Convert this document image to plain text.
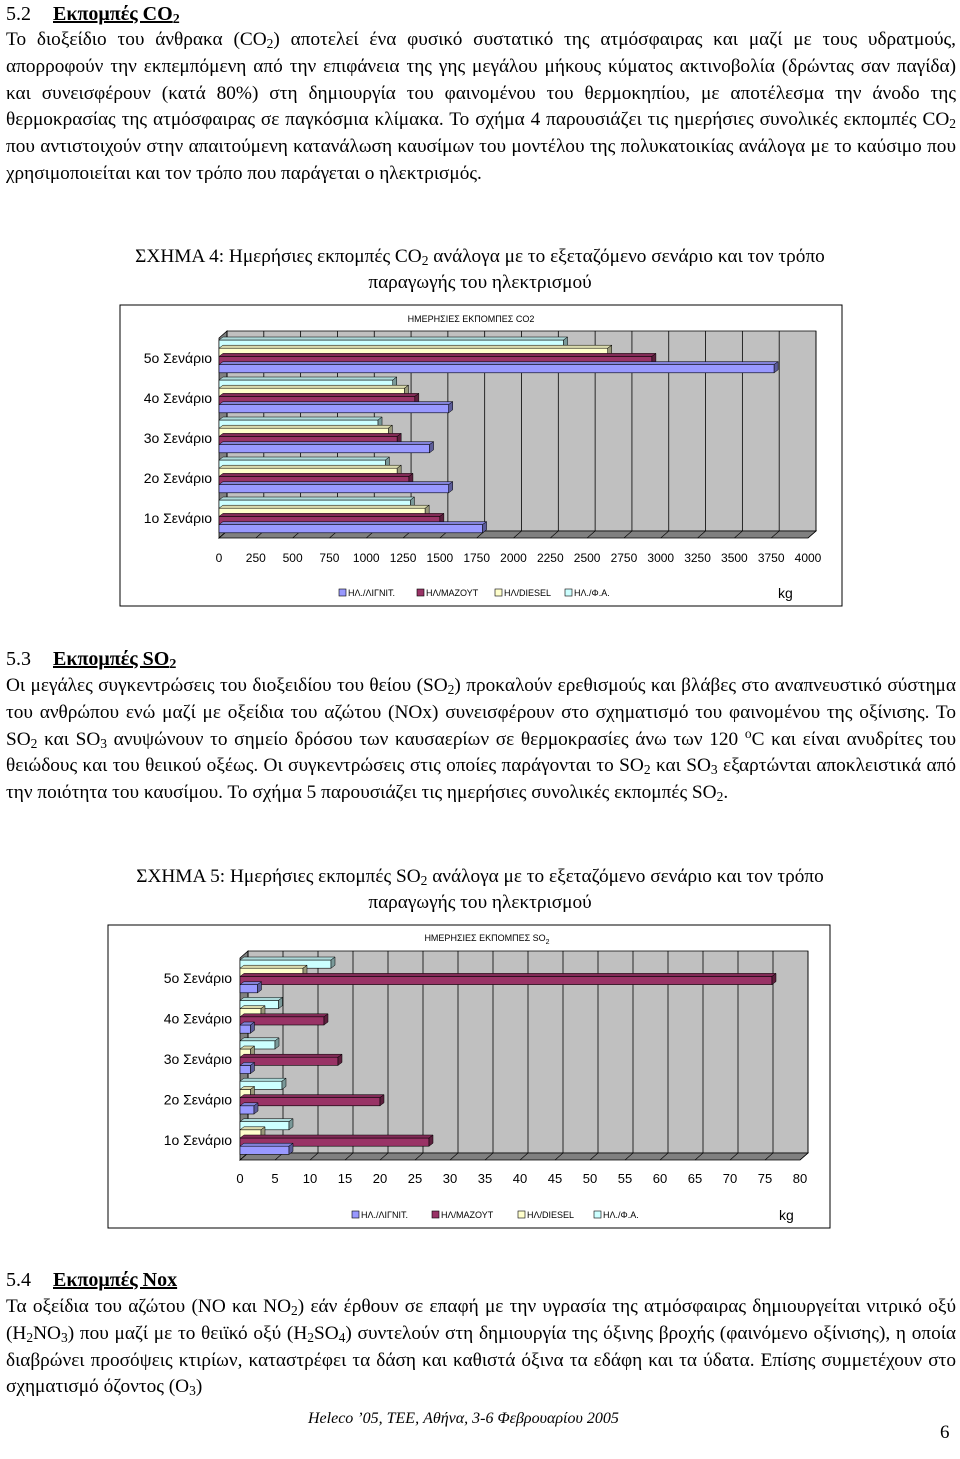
5.2 Εκπομπές $CO_2$
Το διοξείδιο του άνθρακα $(CO_2)$ αποτελεί ένα φυσικό συστατικό της ατμόσφαιρας και μαζί με τους υδρατμούς, απορροφούν την εκπεμπόμενη από την επιφάνεια της γης μεγάλου μήκους κύματος ακτινοβολία (δρώντας σαν παγίδα) και συνεισφέρουν (κατά 80%) στη δημιουργία του φαινομένου του θερμοκηπίου, με αποτέλεσμα την άνοδο της θερμοκρασίας της ατμόσφαιρας σε παγκόσμια κλίμακα. Το σχήμα 4 παρουσιάζει τις ημερήσιες συνολικές εκπομπές $CO_2$ που αντιστοιχούν στην απαιτούμενη κατανάλωση καυσίμων του μοντέλου της πολυκατοικίας ανάλογα με το καύσιμο που χρησιμοποιείται και τον τρόπο που παράγεται ο ηλεκτρισμός.
ΣΧΗΜΑ 4: Ημερήσιες εκπομπές $CO_2$ ανάλογα με το εξεταζόμενο σενάριο και τον τρόπο
παραγωγής του ηλεκτρισμού
ΗΜΕΡΗΣΙΕΣ ΕΚΠΟΜΠΕΣ CO2
0 250 500 750 1000 1250 1500 1750 2000 2250 2500 2750 3000 3250 3500 3750 4000
1ο Σενάριο
2ο Σενάριο
3ο Σενάριο
4ο Σενάριο
5ο Σενάριο
ΗΛ./ΛΙΓΝΙΤ.	ΗΛ/ΜΑΖΟΥΤ	ΗΛ/DIESEL	ΗΛ./Φ.Α.	kg
5.3 Εκπομπές $SO_2$
Οι μεγάλες συγκεντρώσεις του διοξειδίου του θείου $(SO_2)$ προκαλούν ερεθισμούς και βλάβες στο αναπνευστικό σύστημα του ανθρώπου ενώ μαζί με οξείδια του αζώτου (NOx) συνεισφέρουν στο σχηματισμό του φαινομένου της οξίνισης. Το $SO_2$ και $SO_3$ ανυψώνουν το σημείο δρόσου των καυσαερίων σε θερμοκρασίες άνω των 120 $^o$C και είναι ανυδρίτες του θειώδους και του θειικού οξέως. Οι συγκεντρώσεις στις οποίες παράγονται το $SO_2$ και $SO_3$ εξαρτώνται αποκλειστικά από την ποιότητα του καυσίμου. Το σχήμα 5 παρουσιάζει τις ημερήσιες συνολικές εκπομπές $SO_2$.
ΣΧΗΜΑ 5: Ημερήσιες εκπομπές $SO_2$ ανάλογα με το εξεταζόμενο σενάριο και τον τρόπο
παραγωγής του ηλεκτρισμού
ΗΜΕΡΗΣΙΕΣ ΕΚΠΟΜΠΕΣ $SO_2$
0 5 10 15 20 25 30 35 40 45 50 55 60 65 70 75 80
1ο Σενάριο
2ο Σενάριο
3ο Σενάριο
4ο Σενάριο
5ο Σενάριο
ΗΛ./ΛΙΓΝΙΤ.	ΗΛ/ΜΑΖΟΥΤ	ΗΛ/DIESEL	ΗΛ./Φ.Α.	kg
5.4 Εκπομπές Nox
Τα οξείδια του αζώτου (NO και $NO_2$) εάν έρθουν σε επαφή με την υγρασία της ατμόσφαιρας δημιουργείται νιτρικό οξύ $(H_2NO_3)$ που μαζί με το θειϊκό οξύ $(H_2SO_4)$ συντελούν στη δημιουργία της όξινης βροχής (φαινόμενο οξίνισης), η οποία διαβρώνει προσόψεις κτιρίων, καταστρέφει τα δάση και καθιστά όξινα τα εδάφη και τα ύδατα. Επίσης συμμετέχουν στο σχηματισμό όζοντος $(O_3)$
Heleco ’05, TEE, Αθήνα, 3-6 Φεβρουαρίου 2005
6
